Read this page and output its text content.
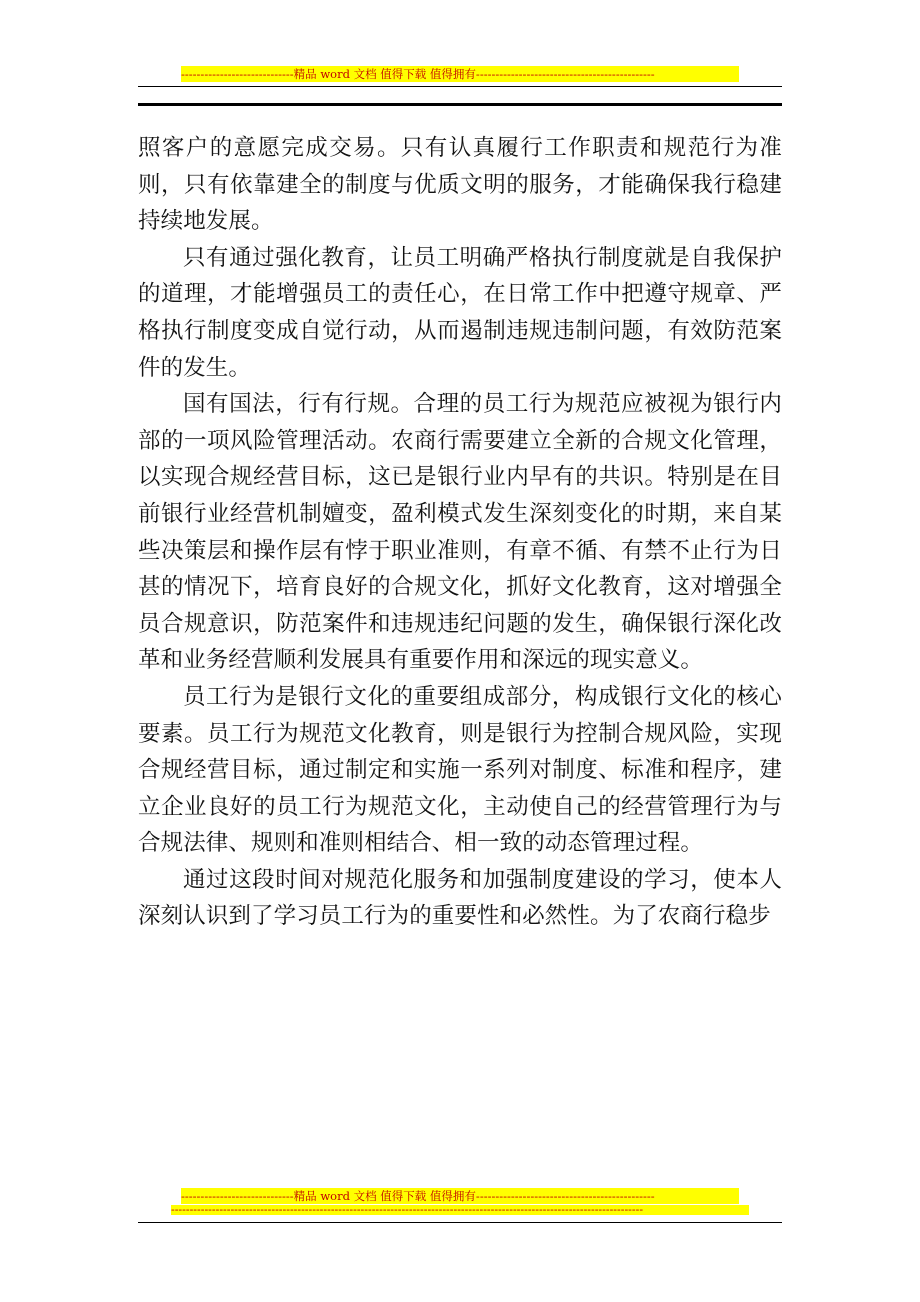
-----------------------------精品 word 文档 值得下载 值得拥有----------------------------------------------

照客户的意愿完成交易。只有认真履行工作职责和规范行为准则，只有依靠建全的制度与优质文明的服务，才能确保我行稳建持续地发展。

只有通过强化教育，让员工明确严格执行制度就是自我保护的道理，才能增强员工的责任心，在日常工作中把遵守规章、严格执行制度变成自觉行动，从而遏制违规违制问题，有效防范案件的发生。

国有国法，行有行规。合理的员工行为规范应被视为银行内部的一项风险管理活动。农商行需要建立全新的合规文化管理，以实现合规经营目标，这已是银行业内早有的共识。特别是在目前银行业经营机制嬗变，盈利模式发生深刻变化的时期，来自某些决策层和操作层有悖于职业准则，有章不循、有禁不止行为日甚的情况下，培育良好的合规文化，抓好文化教育，这对增强全员合规意识，防范案件和违规违纪问题的发生，确保银行深化改革和业务经营顺利发展具有重要作用和深远的现实意义。

员工行为是银行文化的重要组成部分，构成银行文化的核心要素。员工行为规范文化教育，则是银行为控制合规风险，实现合规经营目标，通过制定和实施一系列对制度、标准和程序，建立企业良好的员工行为规范文化，主动使自己的经营管理行为与合规法律、规则和准则相结合、相一致的动态管理过程。

通过这段时间对规范化服务和加强制度建设的学习，使本人深刻认识到了学习员工行为的重要性和必然性。为了农商行稳步

-----------------------------精品 word 文档 值得下载 值得拥有----------------------------------------------
-------------------------------------------------------------------------------------------------------------------------------
